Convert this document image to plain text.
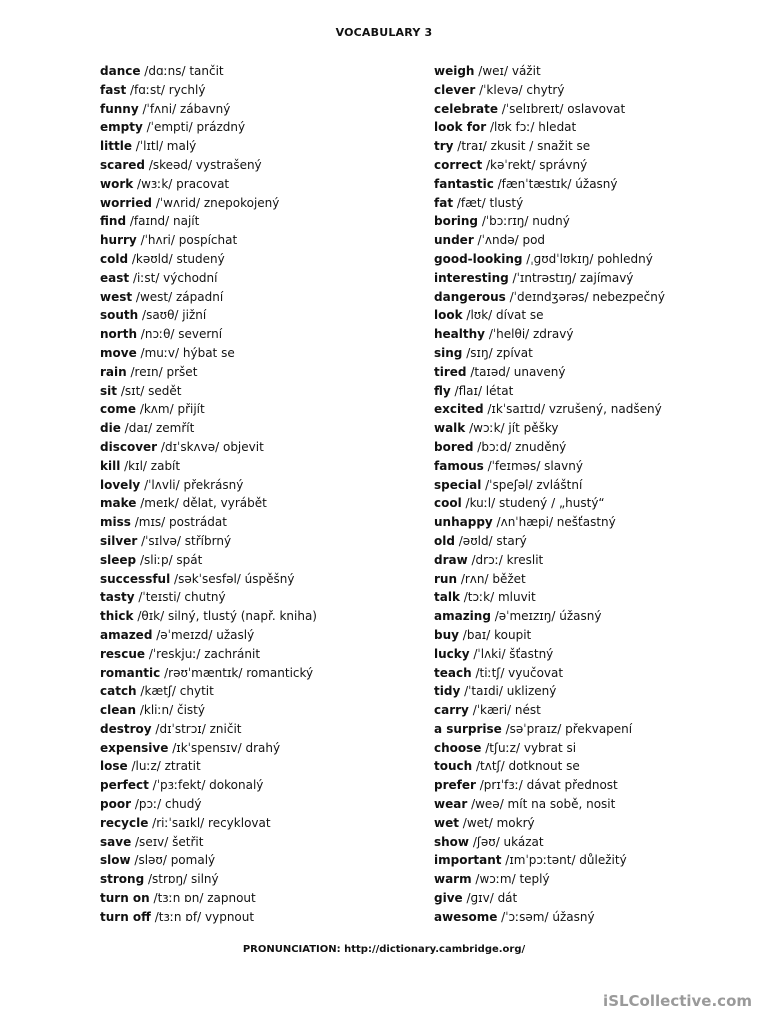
VOCABULARY 3
dance /dɑːns/ tančit
fast /fɑːst/ rychlý
funny /ˈfʌni/ zábavný
empty /ˈempti/ prázdný
little /ˈlɪtl/ malý
scared /skeəd/ vystrašený
work /wɜːk/ pracovat
worried /ˈwʌrid/ znepokojený
find /faɪnd/ najít
hurry /ˈhʌri/ pospíchat
cold /kəʊld/ studený
east /iːst/ východní
west /west/ západní
south /saʊθ/ jižní
north /nɔːθ/ severní
move /muːv/ hýbat se
rain /reɪn/ pršet
sit /sɪt/ sedět
come /kʌm/ přijít
die /daɪ/ zemřít
discover /dɪˈskʌvə/ objevit
kill /kɪl/ zabít
lovely /ˈlʌvli/ překrásný
make /meɪk/ dělat, vyrábět
miss /mɪs/ postrádat
silver /ˈsɪlvə/ stříbrný
sleep /sliːp/ spát
successful /səkˈsesfəl/ úspěšný
tasty /ˈteɪsti/ chutný
thick /θɪk/ silný, tlustý (např. kniha)
amazed /əˈmeɪzd/ užaslý
rescue /ˈreskjuː/ zachránit
romantic /rəʊˈmæntɪk/ romantický
catch /kætʃ/ chytit
clean /kliːn/ čistý
destroy /dɪˈstrɔɪ/ zničit
expensive /ɪkˈspensɪv/ drahý
lose /luːz/ ztratit
perfect /ˈpɜːfekt/ dokonalý
poor /pɔː/ chudý
recycle /riːˈsaɪkl/ recyklovat
save /seɪv/ šetřit
slow /sləʊ/ pomalý
strong /strɒŋ/ silný
turn on /tɜːn ɒn/ zapnout
turn off /tɜːn ɒf/ vypnout
weigh /weɪ/ vážit
clever /ˈklevə/ chytrý
celebrate /ˈselɪbreɪt/ oslavovat
look for /lʊk fɔː/ hledat
try /traɪ/ zkusit / snažit se
correct /kəˈrekt/ správný
fantastic /fænˈtæstɪk/ úžasný
fat /fæt/ tlustý
boring /ˈbɔːrɪŋ/ nudný
under /ˈʌndə/ pod
good-looking /ˌɡʊdˈlʊkɪŋ/ pohledný
interesting /ˈɪntrəstɪŋ/ zajímavý
dangerous /ˈdeɪndʒərəs/ nebezpečný
look /lʊk/ dívat se
healthy /ˈhelθi/ zdravý
sing /sɪŋ/ zpívat
tired /taɪəd/ unavený
fly /flaɪ/ létat
excited /ɪkˈsaɪtɪd/ vzrušený, nadšený
walk /wɔːk/ jít pěšky
bored /bɔːd/ znuděný
famous /ˈfeɪməs/ slavný
special /ˈspeʃəl/ zvláštní
cool /kuːl/ studený / „hustý“
unhappy /ʌnˈhæpi/ nešťastný
old /əʊld/ starý
draw /drɔː/ kreslit
run /rʌn/ běžet
talk /tɔːk/ mluvit
amazing /əˈmeɪzɪŋ/ úžasný
buy /baɪ/ koupit
lucky /ˈlʌki/ šťastný
teach /tiːtʃ/ vyučovat
tidy /ˈtaɪdi/ uklizený
carry /ˈkæri/ nést
a surprise /səˈpraɪz/ překvapení
choose /tʃuːz/ vybrat si
touch /tʌtʃ/ dotknout se
prefer /prɪˈfɜː/ dávat přednost
wear /weə/ mít na sobě, nosit
wet /wet/ mokrý
show /ʃəʊ/ ukázat
important /ɪmˈpɔːtənt/ důležitý
warm /wɔːm/ teplý
give /ɡɪv/ dát
awesome /ˈɔːsəm/ úžasný
PRONUNCIATION: http://dictionary.cambridge.org/
iSLCollective.com
